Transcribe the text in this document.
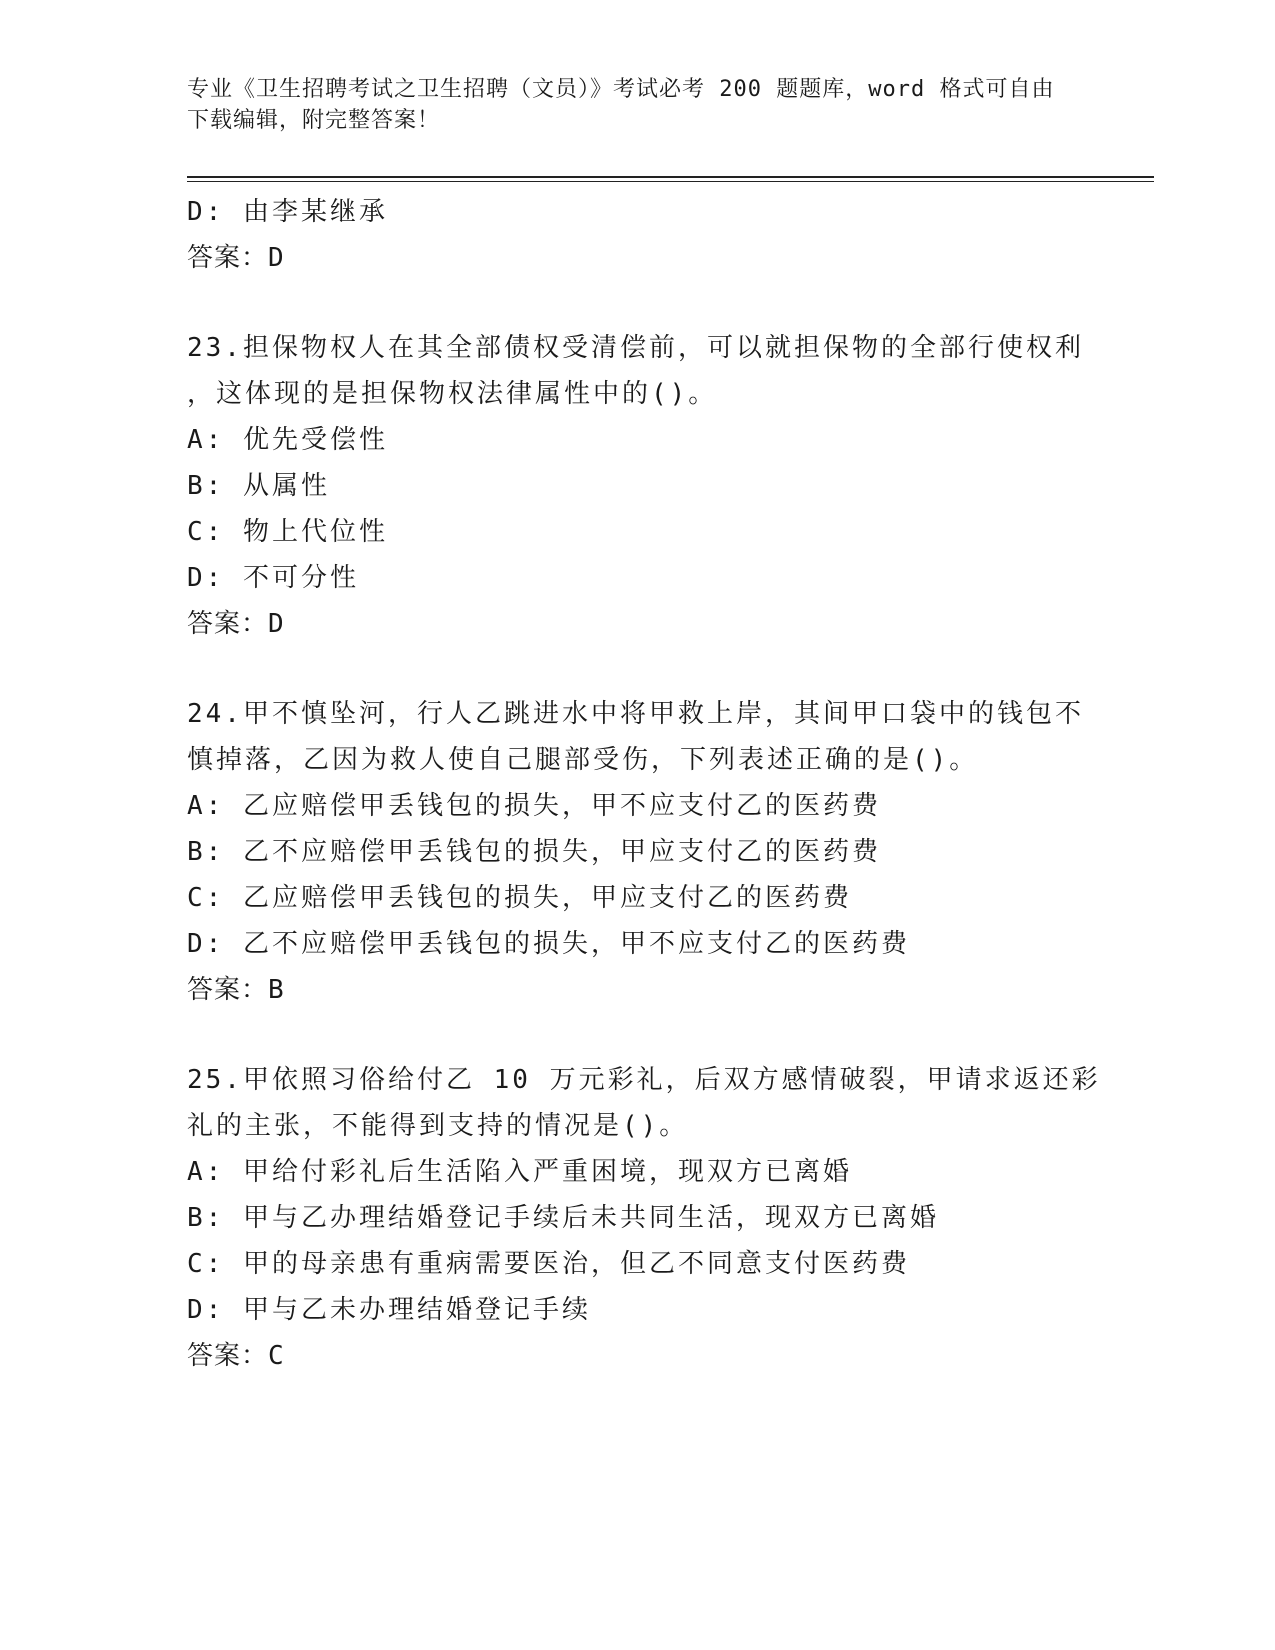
专业《卫生招聘考试之卫生招聘（文员）》考试必考 200 题题库，word 格式可自由下载编辑，附完整答案！
D: 由李某继承
答案：D
23.担保物权人在其全部债权受清偿前，可以就担保物的全部行使权利
，这体现的是担保物权法律属性中的()。
A: 优先受偿性
B: 从属性
C: 物上代位性
D: 不可分性
答案：D
24.甲不慎坠河，行人乙跳进水中将甲救上岸，其间甲口袋中的钱包不
慎掉落，乙因为救人使自己腿部受伤，下列表述正确的是()。
A: 乙应赔偿甲丢钱包的损失，甲不应支付乙的医药费
B: 乙不应赔偿甲丢钱包的损失，甲应支付乙的医药费
C: 乙应赔偿甲丢钱包的损失，甲应支付乙的医药费
D: 乙不应赔偿甲丢钱包的损失，甲不应支付乙的医药费
答案：B
25.甲依照习俗给付乙 10 万元彩礼，后双方感情破裂，甲请求返还彩
礼的主张，不能得到支持的情况是()。
A: 甲给付彩礼后生活陷入严重困境，现双方已离婚
B: 甲与乙办理结婚登记手续后未共同生活，现双方已离婚
C: 甲的母亲患有重病需要医治，但乙不同意支付医药费
D: 甲与乙未办理结婚登记手续
答案：C
